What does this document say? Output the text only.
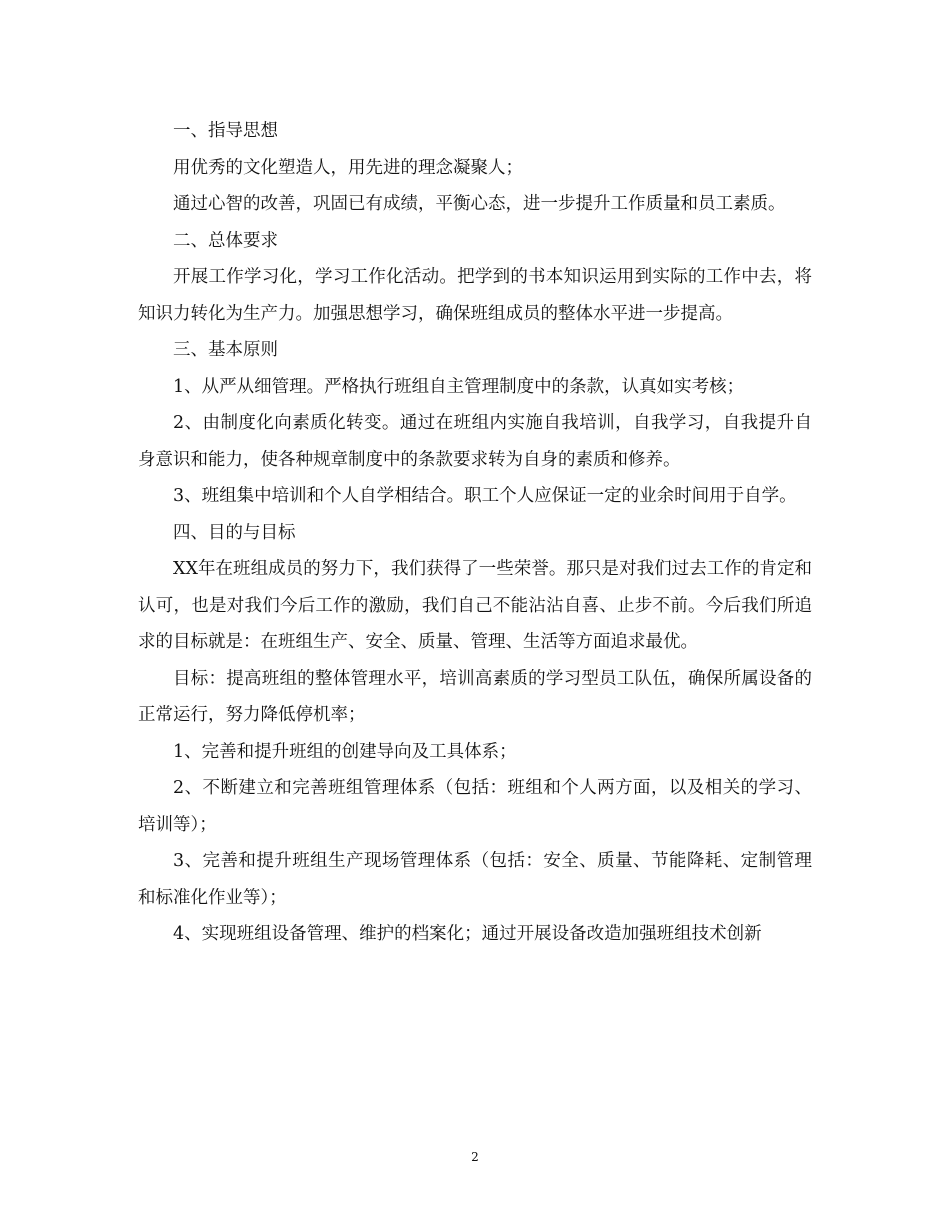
一、指导思想

用优秀的文化塑造人，用先进的理念凝聚人；

通过心智的改善，巩固已有成绩，平衡心态，进一步提升工作质量和员工素质。

二、总体要求

开展工作学习化，学习工作化活动。把学到的书本知识运用到实际的工作中去，将知识力转化为生产力。加强思想学习，确保班组成员的整体水平进一步提高。

三、基本原则

1、从严从细管理。严格执行班组自主管理制度中的条款，认真如实考核；

2、由制度化向素质化转变。通过在班组内实施自我培训，自我学习，自我提升自身意识和能力，使各种规章制度中的条款要求转为自身的素质和修养。

3、班组集中培训和个人自学相结合。职工个人应保证一定的业余时间用于自学。

四、目的与目标

XX年在班组成员的努力下，我们获得了一些荣誉。那只是对我们过去工作的肯定和认可，也是对我们今后工作的激励，我们自己不能沾沾自喜、止步不前。今后我们所追求的目标就是：在班组生产、安全、质量、管理、生活等方面追求最优。

目标：提高班组的整体管理水平，培训高素质的学习型员工队伍，确保所属设备的正常运行，努力降低停机率；

1、完善和提升班组的创建导向及工具体系；

2、不断建立和完善班组管理体系（包括：班组和个人两方面，以及相关的学习、培训等）；

3、完善和提升班组生产现场管理体系（包括：安全、质量、节能降耗、定制管理和标准化作业等）；

4、实现班组设备管理、维护的档案化；通过开展设备改造加强班组技术创新

2
